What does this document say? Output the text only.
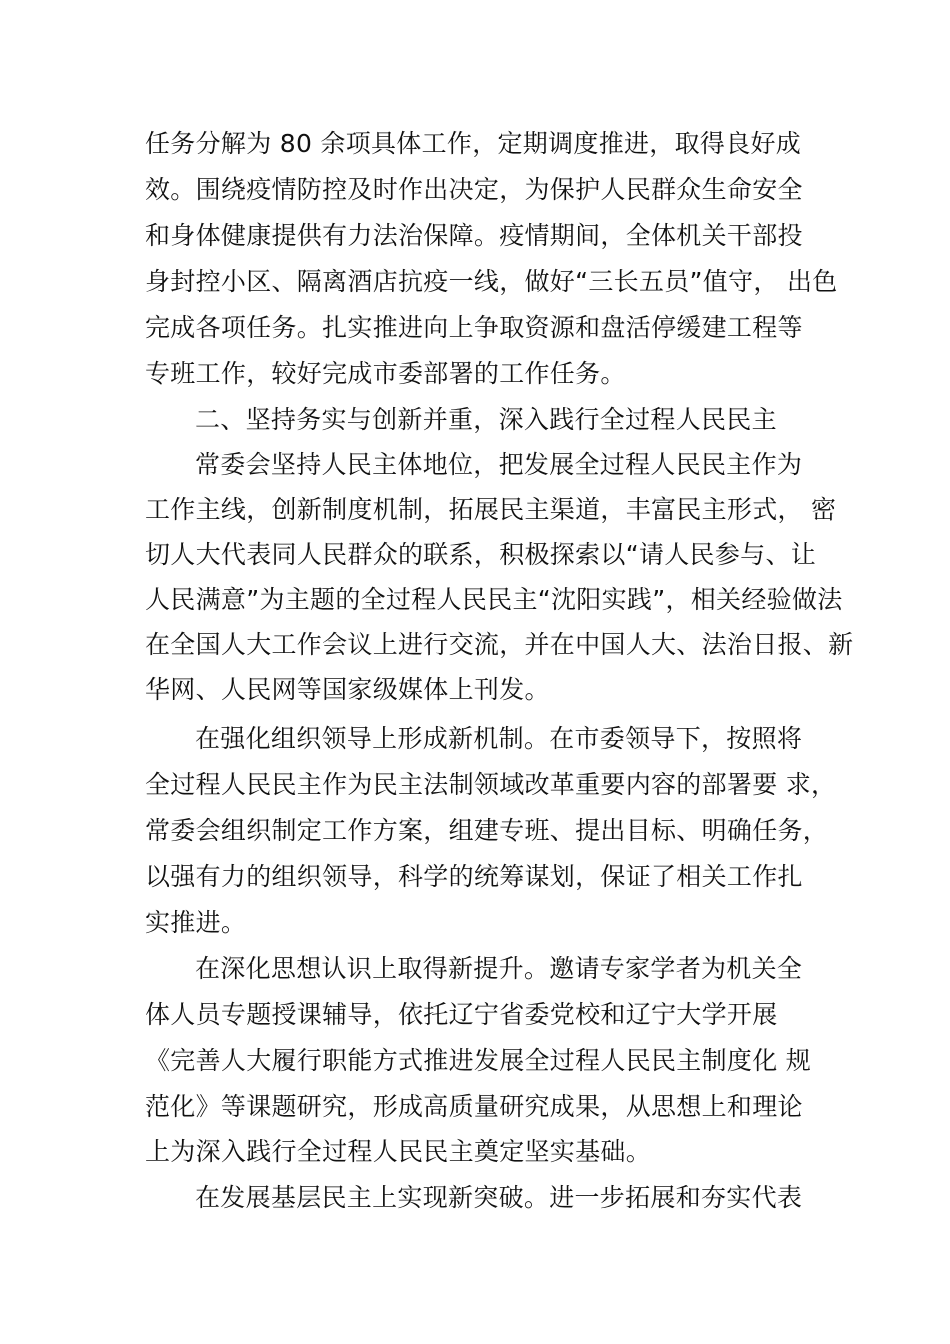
任务分解为 80 余项具体工作，定期调度推进，取得良好成
效。围绕疫情防控及时作出决定，为保护人民群众生命安全
和身体健康提供有力法治保障。疫情期间，全体机关干部投
身封控小区、隔离酒店抗疫一线，做好“三长五员”值守， 出色
完成各项任务。扎实推进向上争取资源和盘活停缓建工程等
专班工作，较好完成市委部署的工作任务。
二、坚持务实与创新并重，深入践行全过程人民民主
常委会坚持人民主体地位，把发展全过程人民民主作为
工作主线，创新制度机制，拓展民主渠道，丰富民主形式， 密
切人大代表同人民群众的联系，积极探索以“请人民参与、让
人民满意”为主题的全过程人民民主“沈阳实践”，相关经验做法
在全国人大工作会议上进行交流，并在中国人大、法治日报、新
华网、人民网等国家级媒体上刊发。
在强化组织领导上形成新机制。在市委领导下，按照将
全过程人民民主作为民主法制领域改革重要内容的部署要 求，
常委会组织制定工作方案，组建专班、提出目标、明确任务，
以强有力的组织领导，科学的统筹谋划，保证了相关工作扎
实推进。
在深化思想认识上取得新提升。邀请专家学者为机关全
体人员专题授课辅导，依托辽宁省委党校和辽宁大学开展
《完善人大履行职能方式推进发展全过程人民民主制度化 规
范化》等课题研究，形成高质量研究成果，从思想上和理论
上为深入践行全过程人民民主奠定坚实基础。
在发展基层民主上实现新突破。进一步拓展和夯实代表
